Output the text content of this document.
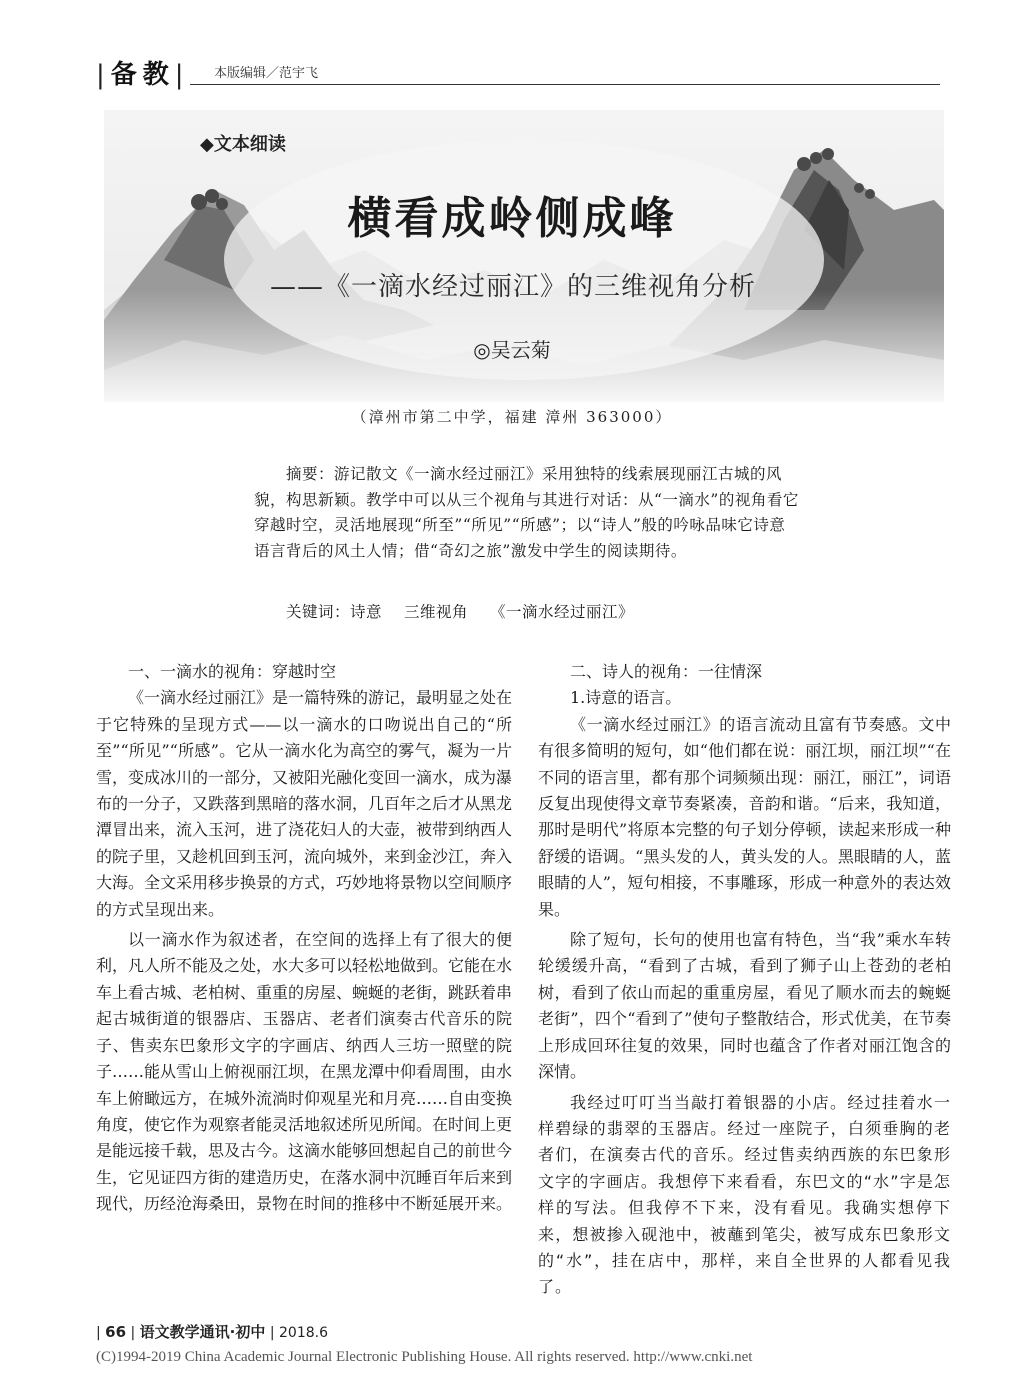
|备教| 本版编辑／范宇飞
◆文本细读
横看成岭侧成峰
——《一滴水经过丽江》的三维视角分析
◎吴云菊
（漳州市第二中学，福建 漳州 363000）

摘要：游记散文《一滴水经过丽江》采用独特的线索展现丽江古城的风貌，构思新颖。教学中可以从三个视角与其进行对话：从“一滴水”的视角看它穿越时空，灵活地展现“所至”“所见”“所感”；以“诗人”般的吟咏品味它诗意语言背后的风土人情；借“奇幻之旅”激发中学生的阅读期待。

关键词：诗意 三维视角 《一滴水经过丽江》

一、一滴水的视角：穿越时空

《一滴水经过丽江》是一篇特殊的游记，最明显之处在于它特殊的呈现方式——以一滴水的口吻说出自己的“所至”“所见”“所感”。它从一滴水化为高空的雾气，凝为一片雪，变成冰川的一部分，又被阳光融化变回一滴水，成为瀑布的一分子，又跌落到黑暗的落水洞，几百年之后才从黑龙潭冒出来，流入玉河，进了浇花妇人的大壶，被带到纳西人的院子里，又趁机回到玉河，流向城外，来到金沙江，奔入大海。全文采用移步换景的方式，巧妙地将景物以空间顺序的方式呈现出来。

以一滴水作为叙述者，在空间的选择上有了很大的便利，凡人所不能及之处，水大多可以轻松地做到。它能在水车上看古城、老柏树、重重的房屋、蜿蜒的老街，跳跃着串起古城街道的银器店、玉器店、老者们演奏古代音乐的院子、售卖东巴象形文字的字画店、纳西人三坊一照壁的院子……能从雪山上俯视丽江坝，在黑龙潭中仰看周围，由水车上俯瞰远方，在城外流淌时仰观星光和月亮……自由变换角度，使它作为观察者能灵活地叙述所见所闻。在时间上更是能远接千载，思及古今。这滴水能够回想起自己的前世今生，它见证四方街的建造历史，在落水洞中沉睡百年后来到现代，历经沧海桑田，景物在时间的推移中不断延展开来。

二、诗人的视角：一往情深

1.诗意的语言。

《一滴水经过丽江》的语言流动且富有节奏感。文中有很多简明的短句，如“他们都在说：丽江坝，丽江坝”“在不同的语言里，都有那个词频频出现：丽江，丽江”，词语反复出现使得文章节奏紧凑，音韵和谐。“后来，我知道，那时是明代”将原本完整的句子划分停顿，读起来形成一种舒缓的语调。“黑头发的人，黄头发的人。黑眼睛的人，蓝眼睛的人”，短句相接，不事雕琢，形成一种意外的表达效果。

除了短句，长句的使用也富有特色，当“我”乘水车转轮缓缓升高，“看到了古城，看到了狮子山上苍劲的老柏树，看到了依山而起的重重房屋，看见了顺水而去的蜿蜒老街”，四个“看到了”使句子整散结合，形式优美，在节奏上形成回环往复的效果，同时也蕴含了作者对丽江饱含的深情。

我经过叮叮当当敲打着银器的小店。经过挂着水一样碧绿的翡翠的玉器店。经过一座院子，白须垂胸的老者们，在演奏古代的音乐。经过售卖纳西族的东巴象形文字的字画店。我想停下来看看，东巴文的“水”字是怎样的写法。但我停不下来，没有看见。我确实想停下来，想被掺入砚池中，被蘸到笔尖，被写成东巴象形文的“水”，挂在店中，那样，来自全世界的人都看见我了。

| 66 | 语文教学通讯·初中 | 2018.6
(C)1994-2019 China Academic Journal Electronic Publishing House. All rights reserved. http://www.cnki.net
